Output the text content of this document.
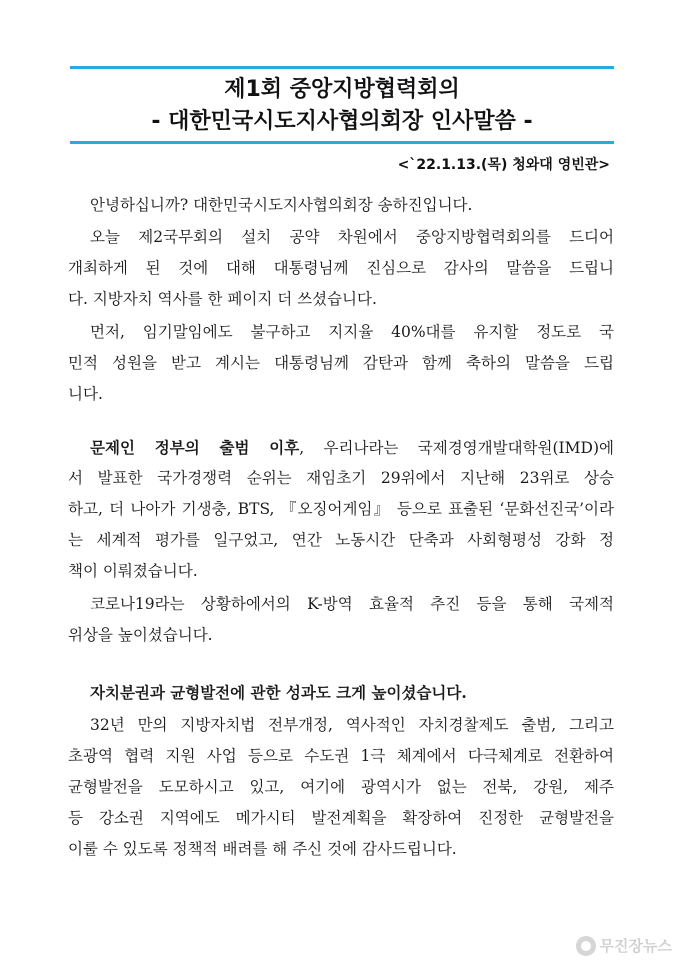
제1회 중앙지방협력회의
- 대한민국시도지사협의회장 인사말씀 -
<`22.1.13.(목) 청와대 영빈관>
안녕하십니까? 대한민국시도지사협의회장 송하진입니다.
오늘 제2국무회의 설치 공약 차원에서 중앙지방협력회의를 드디어
개최하게 된 것에 대해 대통령님께 진심으로 감사의 말씀을 드립니
다. 지방자치 역사를 한 페이지 더 쓰셨습니다.
먼저, 임기말임에도 불구하고 지지율 40%대를 유지할 정도로 국
민적 성원을 받고 계시는 대통령님께 감탄과 함께 축하의 말씀을 드립
니다.
문제인 정부의 출범 이후, 우리나라는 국제경영개발대학원(IMD)에
서 발표한 국가경쟁력 순위는 재임초기 29위에서 지난해 23위로 상승
하고, 더 나아가 기생충, BTS, 『오징어게임』 등으로 표출된 ‘문화선진국’이라
는 세계적 평가를 일구었고, 연간 노동시간 단축과 사회형평성 강화 정
책이 이뤄졌습니다.
코로나19라는 상황하에서의 K-방역 효율적 추진 등을 통해 국제적
위상을 높이셨습니다.
자치분권과 균형발전에 관한 성과도 크게 높이셨습니다.
32년 만의 지방자치법 전부개정, 역사적인 자치경찰제도 출범, 그리고
초광역 협력 지원 사업 등으로 수도권 1극 체계에서 다극체계로 전환하여
균형발전을 도모하시고 있고, 여기에 광역시가 없는 전북, 강원, 제주
등 강소권 지역에도 메가시티 발전계획을 확장하여 진정한 균형발전을
이룰 수 있도록 정책적 배려를 해 주신 것에 감사드립니다.
무진장뉴스
